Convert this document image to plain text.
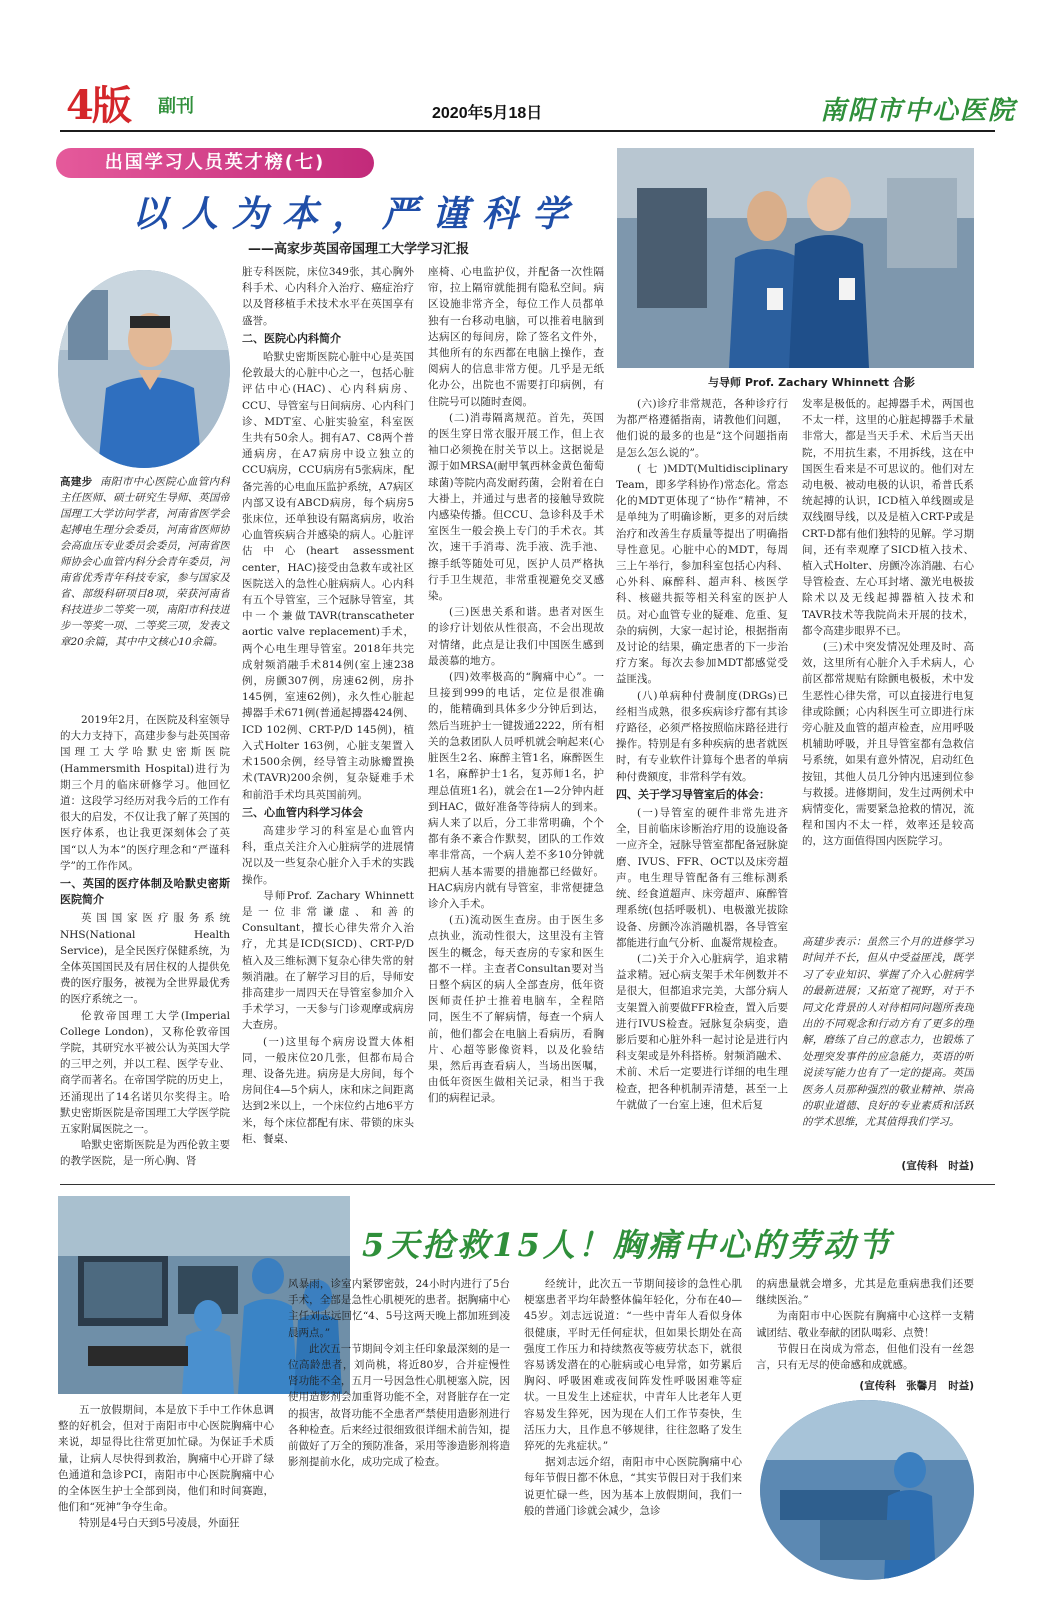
4版 副刊	2020年5月18日	南阳市中心医院
出国学习人员英才榜(七)
以人为本，严谨科学
——高家步英国帝国理工大学学习汇报
与导师 Prof. Zachary Whinnett 合影
高建步 南阳市中心医院心血管内科主任医师、硕士研究生导师、英国帝国理工大学访问学者，河南省医学会起搏电生理分会委员，河南省医师协会高血压专业委员会委员，河南省医师协会心血管内科分会青年委员，河南省优秀青年科技专家，参与国家及省、部级科研项目8项，荣获河南省科技进步二等奖一项，南阳市科技进步一等奖一项、二等奖三项，发表文章20余篇，其中中文核心10余篇。

2019年2月，在医院及科室领导的大力支持下，高建步参与赴英国帝国理工大学哈默史密斯医院(Hammersmith Hospital)进行为期三个月的临床研修学习。他回忆道：这段学习经历对我今后的工作有很大的启发，不仅让我了解了英国的医疗体系，也让我更深刻体会了英国“以人为本”的医疗理念和“严谨科学”的工作作风。

一、英国的医疗体制及哈默史密斯医院简介

英国国家医疗服务系统NHS(National Health Service)，是全民医疗保健系统，为全体英国国民及有居住权的人提供免费的医疗服务，被视为全世界最优秀的医疗系统之一。

伦敦帝国理工大学(Imperial College London)，又称伦敦帝国学院，其研究水平被公认为英国大学的三甲之列，并以工程、医学专业、商学而著名。在帝国学院的历史上，还涌现出了14名诺贝尔奖得主。哈默史密斯医院是帝国理工大学医学院五家附属医院之一。

哈默史密斯医院是为西伦敦主要的教学医院，是一所心胸、肾

脏专科医院，床位349张，其心胸外科手术、心内科介入治疗、癌症治疗以及肾移植手术技术水平在英国享有盛誉。

二、医院心内科简介

哈默史密斯医院心脏中心是英国伦敦最大的心脏中心之一，包括心脏评估中心(HAC)、心内科病房、CCU、导管室与日间病房、心内科门诊、MDT室、心脏实验室，科室医生共有50余人。拥有A7、C8两个普通病房，在A7病房中设立独立的CCU病房，CCU病房有5张病床，配备完善的心电血压监护系统，A7病区内部又设有ABCD病房，每个病房5张床位，还单独设有隔离病房，收治心血管疾病合并感染的病人。心脏评估中心(heart assessment center，HAC)接受由急救车或社区医院送入的急性心脏病病人。心内科有五个导管室，三个冠脉导管室，其中一个兼做TAVR(transcatheter aortic valve replacement)手术，两个心电生理导管室。2018年共完成射频消融手术814例(室上速238例，房颤307例，房速62例，房扑145例，室速62例)，永久性心脏起搏器手术671例(普通起搏器424例、ICD 102例、CRT-P/D 145例)，植入式Holter 163例，心脏支架置入术1500余例，经导管主动脉瓣置换术(TAVR)200余例，复杂疑难手术和前沿手术均具英国前列。

三、心血管内科学习体会

高建步学习的科室是心血管内科，重点关注介入心脏病学的进展情况以及一些复杂心脏介入手术的实践操作。

导师Prof. Zachary Whinnett是一位非常谦虚、和善的Consultant，擅长心律失常介入治疗，尤其是ICD(SICD)、CRT-P/D植入及三维标测下复杂心律失常的射频消融。在了解学习目的后，导师安排高建步一周四天在导管室参加介入手术学习，一天参与门诊观摩或病房大查房。

(一)这里每个病房设置大体相同，一般床位20几张，但都布局合理、设备先进。病房是大房间，每个房间住4—5个病人，床和床之间距离达到2米以上，一个床位约占地6平方米，每个床位都配有床、带锁的床头柜、餐桌、

座椅、心电监护仪，并配备一次性隔帘，拉上隔帘就能拥有隐私空间。病区设施非常齐全，每位工作人员都单独有一台移动电脑，可以推着电脑到达病区的每间房，除了签名文件外，其他所有的东西都在电脑上操作，查阅病人的信息非常方便。几乎是无纸化办公，出院也不需要打印病例，有住院号可以随时查阅。

(二)消毒隔离规范。首先，英国的医生穿日常衣服开展工作，但上衣袖口必须挽在肘关节以上。这据说是源于如MRSA(耐甲氧西林金黄色葡萄球菌)等院内高发耐药菌，会附着在白大褂上，并通过与患者的接触导致院内感染传播。但CCU、急诊科及手术室医生一般会换上专门的手术衣。其次，速干手消毒、洗手液、洗手池、擦手纸等随处可见，医护人员严格执行手卫生规范，非常重视避免交叉感染。

(三)医患关系和谐。患者对医生的诊疗计划依从性很高，不会出现故对情绪，此点是让我们中国医生感到最羡慕的地方。

(四)效率极高的“胸痛中心”。一旦接到999的电话，定位是很准确的，能精确到具体多少分钟后到达，然后当班护士一键拨通2222，所有相关的急救团队人员呼机就会响起来(心脏医生2名、麻醉主管1名，麻醉医生1名，麻醉护士1名，复苏师1名，护理总值班1名)，就会在1—2分钟内赶到HAC，做好准备等待病人的到来。病人来了以后，分工非常明确，个个都有条不紊合作默契，团队的工作效率非常高，一个病人差不多10分钟就把病人基本需要的措施都已经做好。HAC病房内就有导管室，非常便捷急诊介入手术。

(五)流动医生查房。由于医生多点执业，流动性很大，这里没有主管医生的概念，每天查房的专家和医生都不一样。主查者Consultan要对当日整个病区的病人全部查房，低年资医师责任护士推着电脑车，全程陪同，医生不了解病情，每查一个病人前，他们都会在电脑上看病历，看胸片、心超等影像资料，以及化验结果，然后再查看病人，当场出医嘱，由低年资医生做相关记录，相当于我们的病程记录。

(六)诊疗非常规范，各种诊疗行为都严格遵循指南，请教他们问题，他们说的最多的也是“这个问题指南是怎么怎么说的”。

(七)MDT(Multidisciplinary Team，即多学科协作)常态化。常态化的MDT更体现了“协作”精神，不是单纯为了明确诊断，更多的对后续治疗和改善生存质量等提出了明确指导性意见。心脏中心的MDT，每周三上午举行，参加科室包括心内科、心外科、麻醉科、超声科、核医学科、核磁共振等相关科室的医护人员。对心血管专业的疑难、危重、复杂的病例，大家一起讨论，根据指南及讨论的结果，确定患者的下一步治疗方案。每次去参加MDT都感觉受益匪浅。

(八)单病种付费制度(DRGs)已经相当成熟，很多疾病诊疗都有其诊疗路径，必须严格按照临床路径进行操作。特别是有多种疾病的患者就医时，有专业软件计算每个患者的单病种付费额度，非常科学有效。

四、关于学习导管室后的体会：

(一)导管室的硬件非常先进齐全，目前临床诊断治疗用的设施设备一应齐全，冠脉导管室都配备冠脉旋磨、IVUS、FFR、OCT以及床旁超声。电生理导管配备有三维标测系统、经食道超声、床旁超声、麻醉管理系统(包括呼吸机)、电极激光拔除设备、房颤冷冻消融机器，各导管室都能进行血气分析、血凝常规检查。

(二)关于介入心脏病学，追求精益求精。冠心病支架手术年例数并不是很大，但都追求完美，大部分病人支架置入前要做FFR检查，置入后要进行IVUS检查。冠脉复杂病变，造影后要和心脏外科一起讨论是进行内科支架或是外科搭桥。射频消融术、术前、术后一定要进行详细的电生理检查，把各种机制弄清楚，甚至一上午就做了一台室上速，但术后复

发率是极低的。起搏器手术，两国也不太一样，这里的心脏起搏器手术量非常大，都是当天手术、术后当天出院，不用抗生素，不用拆线，这在中国医生看来是不可思议的。他们对左动电极、被动电极的认识，希普氏系统起搏的认识，ICD植入单线圈或是双线圈导线，以及是植入CRT-P或是CRT-D都有他们独特的见解。学习期间，还有幸观摩了SICD植入技术、植入式Holter、房颤冷冻消融、右心导管检查、左心耳封堵、激光电极拔除术以及无线起搏器植入技术和TAVR技术等我院尚未开展的技术，都令高建步眼界不已。

(三)术中突发情况处理及时、高效，这里所有心脏介入手术病人，心前区都常规贴有除颤电极板，术中发生恶性心律失常，可以直接进行电复律或除颤；心内科医生可立即进行床旁心脏及血管的超声检查，应用呼吸机辅助呼吸，并且导管室都有急救信号系统，如果有意外情况，启动红色按钮，其他人员几分钟内迅速到位参与救援。进修期间，发生过两例术中病情变化，需要紧急抢救的情况，流程和国内不太一样，效率还是较高的，这方面值得国内医院学习。

高建步表示：虽然三个月的进修学习时间并不长，但从中受益匪浅，既学习了专业知识、掌握了介入心脏病学的最新进展；又拓宽了视野，对于不同文化背景的人对待相同问题所表现出的不同观念和行动方有了更多的理解，磨练了自己的意志力，也锻炼了处理突发事件的应急能力，英语的听说读写能力也有了一定的提高。英国医务人员那种强烈的敬业精神、崇高的职业道德、良好的专业素质和活跃的学术思维，尤其值得我们学习。
(宣传科　时益)
5天抢救15人！胸痛中心的劳动节

五一放假期间，本是放下手中工作休息调整的好机会，但对于南阳市中心医院胸痛中心来说，却显得比往常更加忙碌。为保证手术质量，让病人尽快得到救治，胸痛中心开辟了绿色通道和急诊PCI，南阳市中心医院胸痛中心的全体医生护士全部到岗，他们和时间赛跑，他们和“死神”争夺生命。

特别是4号白天到5号凌晨，外面狂

风暴雨，诊室内紧锣密鼓，24小时内进行了5台手术，全部是急性心肌梗死的患者。据胸痛中心主任刘志远回忆“4、5号这两天晚上都加班到凌晨两点。”

此次五一节期间令刘主任印象最深刻的是一位高龄患者，刘尚桃，将近80岁，合并症慢性肾功能不全，五月一号因急性心肌梗塞入院，因使用造影剂会加重肾功能不全，对肾脏存在一定的损害，故肾功能不全患者严禁使用造影剂进行各种检查。后来经过很细致很详细术前告知，提前做好了万全的预防准备，采用等渗造影剂将造影剂提前水化，成功完成了检查。

经统计，此次五一节期间接诊的急性心肌梗塞患者平均年龄整体偏年轻化，分布在40—45岁。刘志远说道：“一些中青年人看似身体很健康，平时无任何症状，但如果长期处在高强度工作压力和持续熬夜等疲劳状态下，就很容易诱发潜在的心脏病或心电异常，如劳累后胸闷、呼吸困难或夜间阵发性呼吸困难等症状。一旦发生上述症状，中青年人比老年人更容易发生猝死，因为现在人们工作节奏快，生活压力大，且作息不够规律，往往忽略了发生猝死的先兆症状。”

据刘志远介绍，南阳市中心医院胸痛中心每年节假日都不休息，“其实节假日对于我们来说更忙碌一些，因为基本上放假期间，我们一般的普通门诊就会减少，急诊

的病患量就会增多，尤其是危重病患我们还要继续医治。”

为南阳市中心医院有胸痛中心这样一支精诚团结、敬业奉献的团队喝彩、点赞！

节假日在岗成为常态，但他们没有一丝怨言，只有无尽的使命感和成就感。

(宣传科　张馨月　时益)
